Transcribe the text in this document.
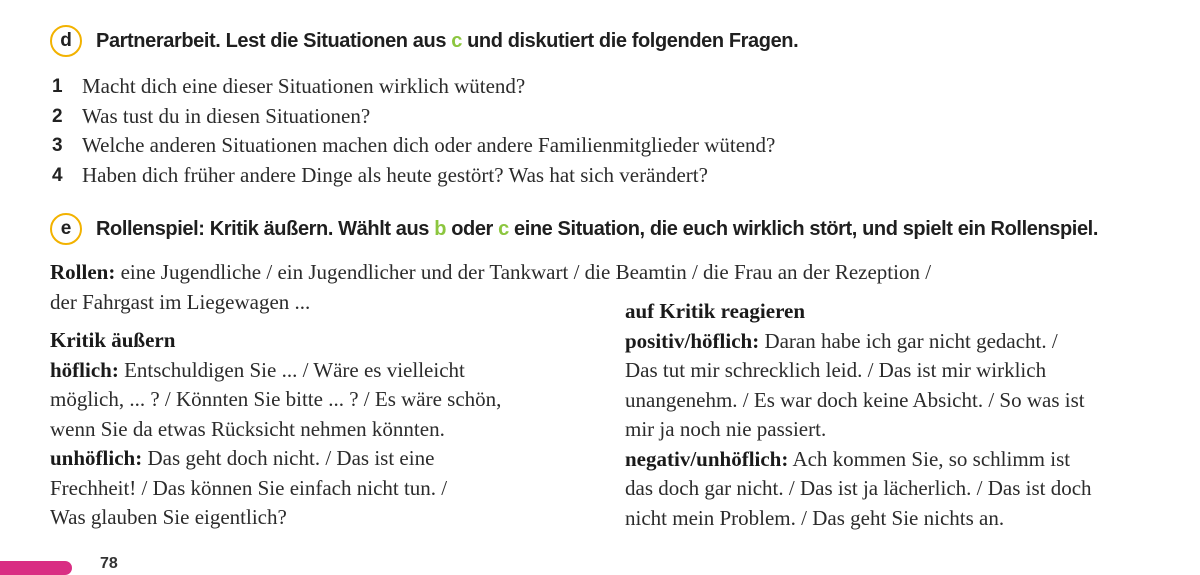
d	Partnerarbeit. Lest die Situationen aus c und diskutiert die folgenden Fragen.
1 Macht dich eine dieser Situationen wirklich wütend?
2 Was tust du in diesen Situationen?
3 Welche anderen Situationen machen dich oder andere Familienmitglieder wütend?
4 Haben dich früher andere Dinge als heute gestört? Was hat sich verändert?
e	Rollenspiel: Kritik äußern. Wählt aus b oder c eine Situation, die euch wirklich stört, und spielt ein Rollenspiel.
Rollen: eine Jugendliche / ein Jugendlicher und der Tankwart / die Beamtin / die Frau an der Rezeption /
der Fahrgast im Liegewagen ...
Kritik äußern
höflich: Entschuldigen Sie ... / Wäre es vielleicht
möglich, ... ? / Könnten Sie bitte ... ? / Es wäre schön,
wenn Sie da etwas Rücksicht nehmen könnten.
unhöflich: Das geht doch nicht. / Das ist eine
Frechheit! / Das können Sie einfach nicht tun. /
Was glauben Sie eigentlich?
auf Kritik reagieren
positiv/höflich: Daran habe ich gar nicht gedacht. /
Das tut mir schrecklich leid. / Das ist mir wirklich
unangenehm. / Es war doch keine Absicht. / So was ist
mir ja noch nie passiert.
negativ/unhöflich: Ach kommen Sie, so schlimm ist
das doch gar nicht. / Das ist ja lächerlich. / Das ist doch
nicht mein Problem. / Das geht Sie nichts an.
78
